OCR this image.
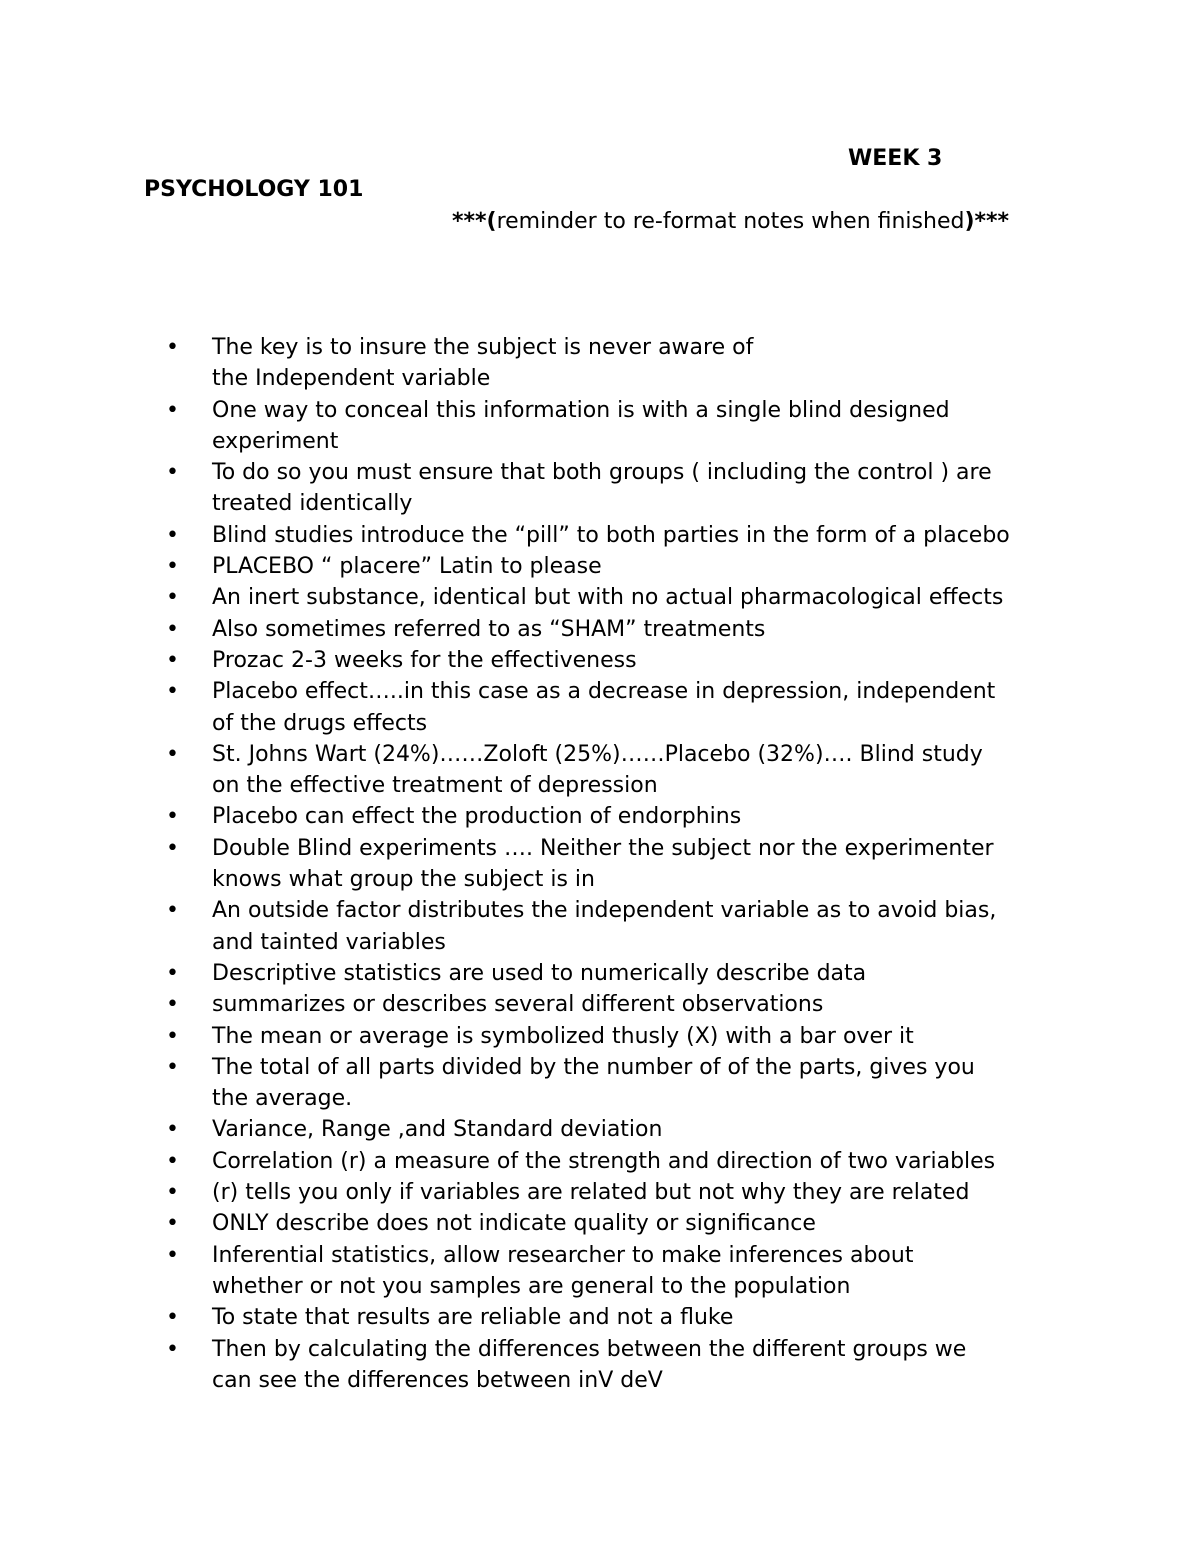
WEEK 3
PSYCHOLOGY 101
***(reminder to re-format notes when finished)***
• The key is to insure the subject is never aware of
the Independent variable
• One way to conceal this information is with a single blind designed
experiment
• To do so you must ensure that both groups ( including the control ) are
treated identically
• Blind studies introduce the “pill” to both parties in the form of a placebo
• PLACEBO “ placere” Latin to please
• An inert substance, identical but with no actual pharmacological effects
• Also sometimes referred to as “SHAM” treatments
• Prozac 2-3 weeks for the effectiveness
• Placebo effect…..in this case as a decrease in depression, independent
of the drugs effects
• St. Johns Wart (24%)……Zoloft (25%)……Placebo (32%)…. Blind study
on the effective treatment of depression
• Placebo can effect the production of endorphins
• Double Blind experiments …. Neither the subject nor the experimenter
knows what group the subject is in
• An outside factor distributes the independent variable as to avoid bias,
and tainted variables
• Descriptive statistics are used to numerically describe data
• summarizes or describes several different observations
• The mean or average is symbolized thusly (X) with a bar over it
• The total of all parts divided by the number of of the parts, gives you
the average.
• Variance, Range ,and Standard deviation
• Correlation (r) a measure of the strength and direction of two variables
• (r) tells you only if variables are related but not why they are related
• ONLY describe does not indicate quality or significance
• Inferential statistics, allow researcher to make inferences about
whether or not you samples are general to the population
• To state that results are reliable and not a fluke
• Then by calculating the differences between the different groups we
can see the differences between inV deV
